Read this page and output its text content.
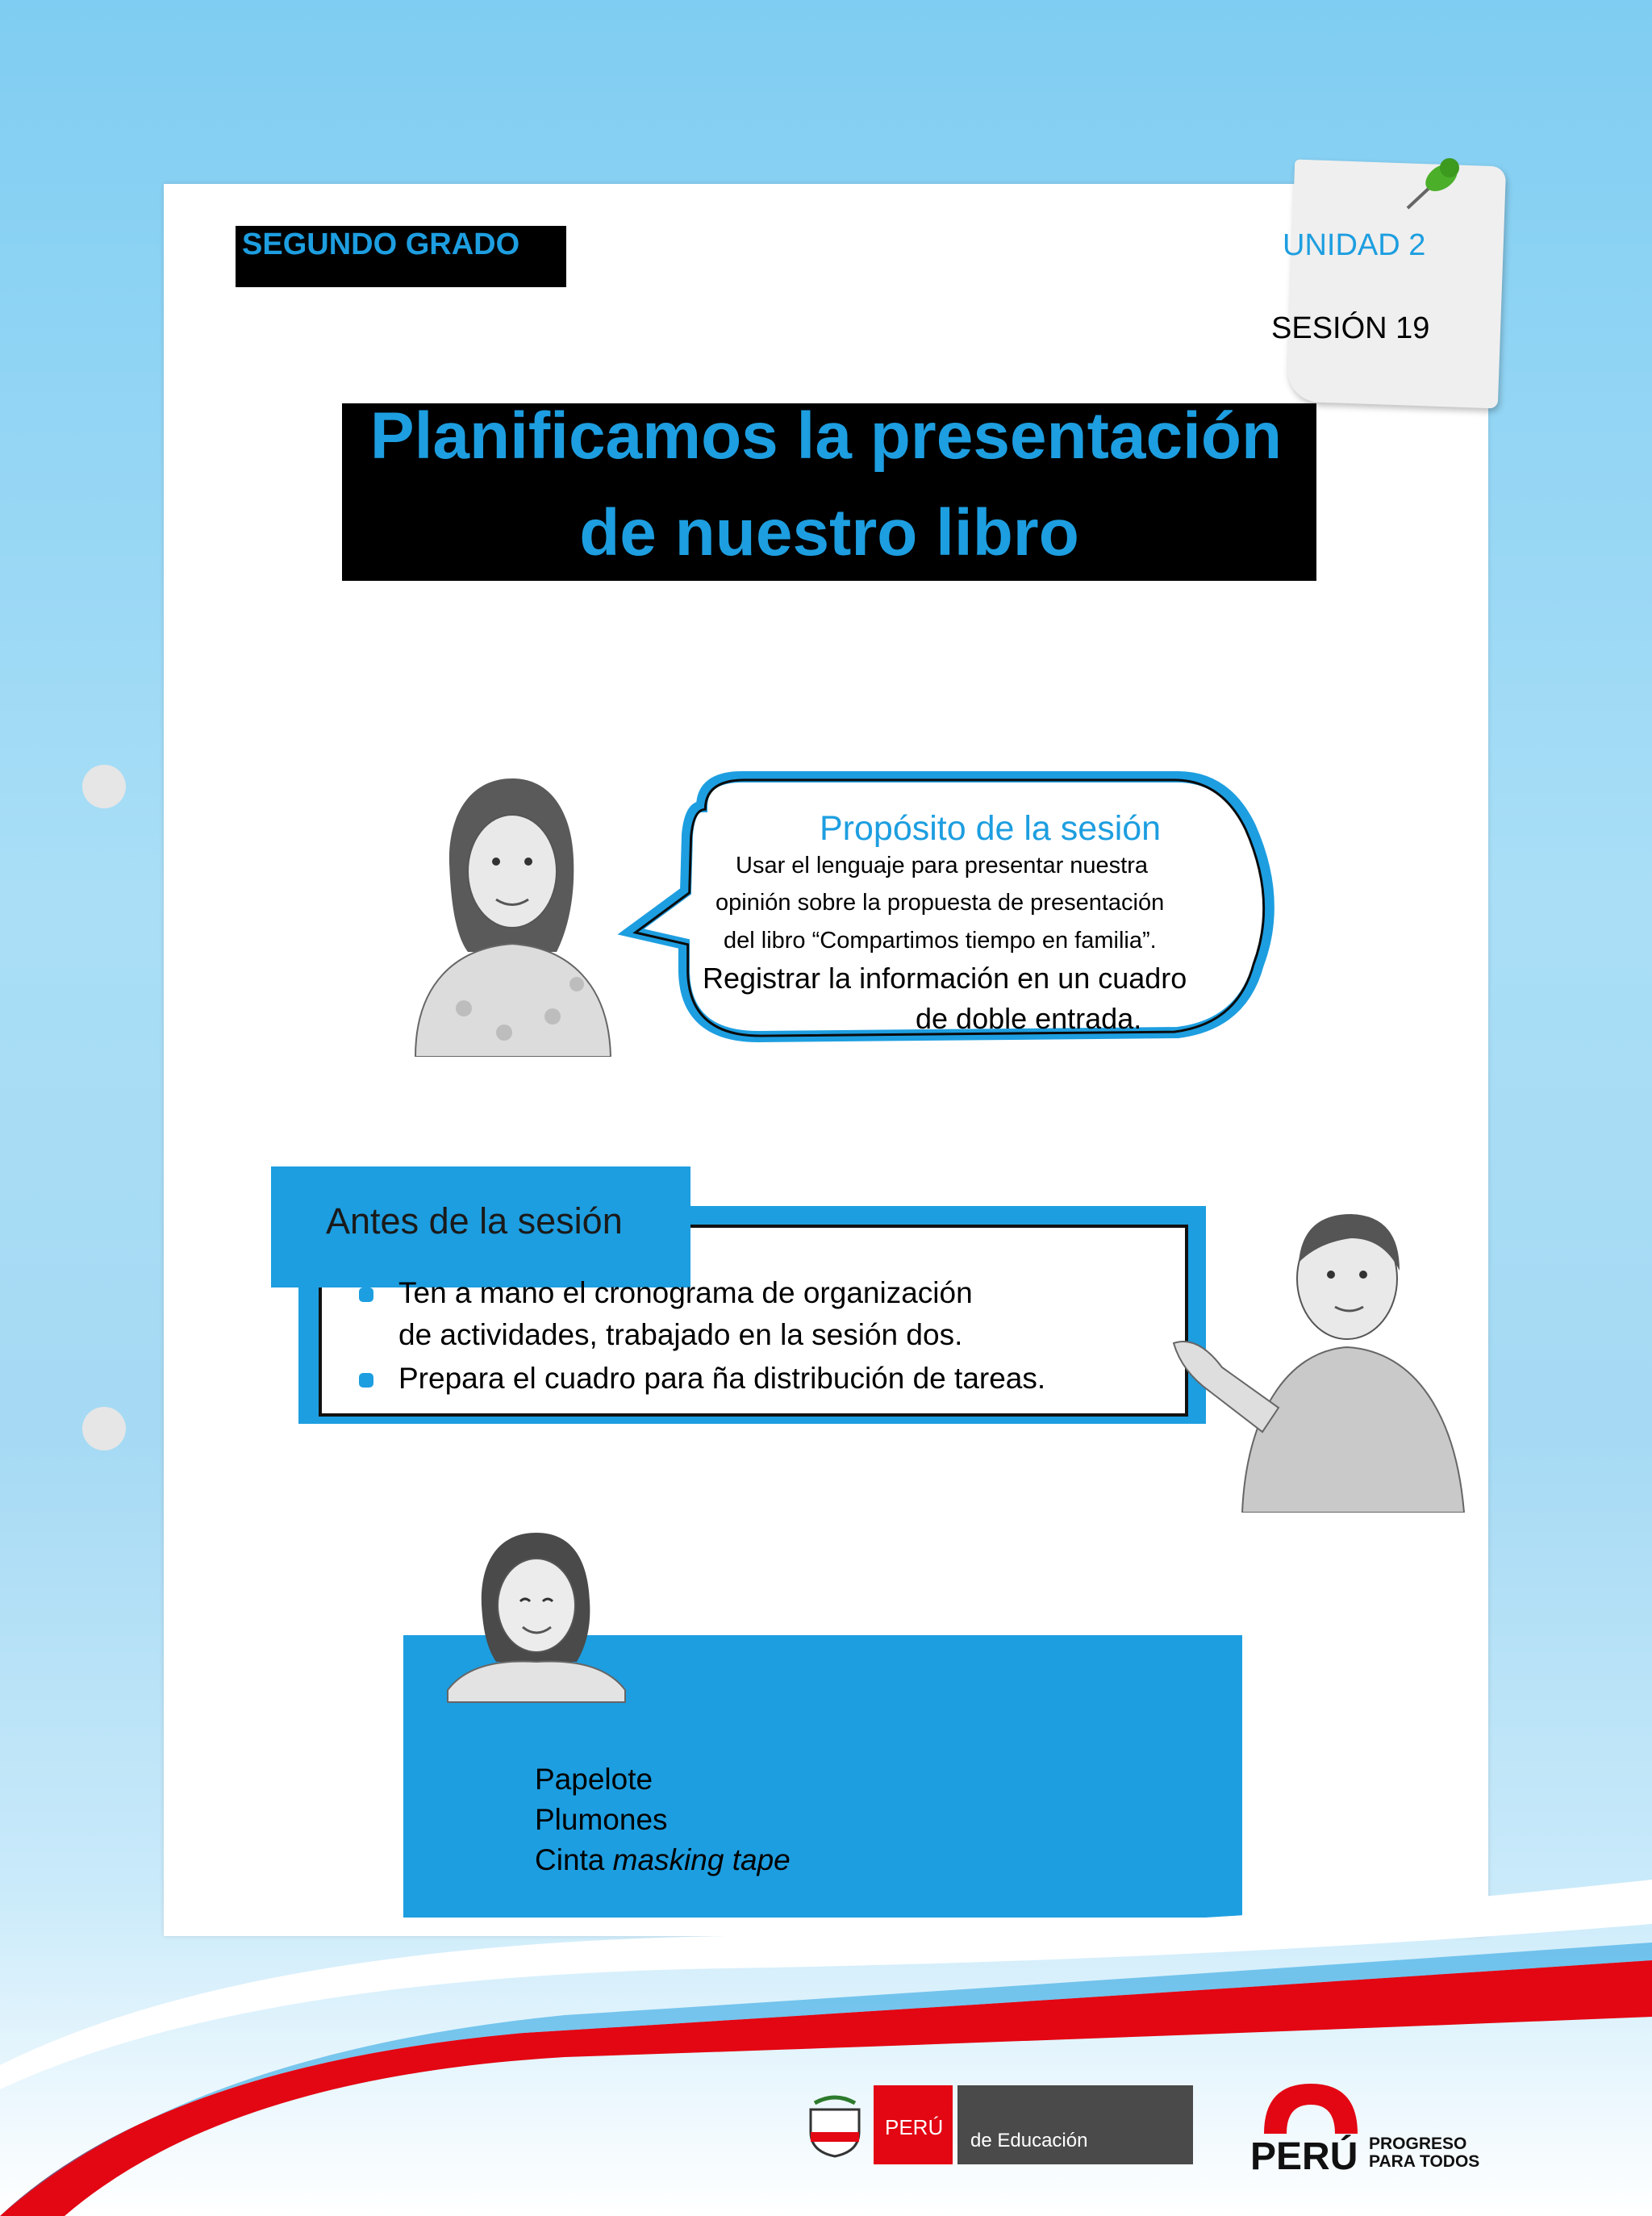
SEGUNDO GRADO	UNIDAD 2
SESIÓN 19
Planificamos la presentación
de nuestro libro
Propósito de la sesión
Usar el lenguaje para presentar nuestra
opinión sobre la propuesta de presentación
del libro “Compartimos tiempo en familia”.
Registrar la información en un cuadro
de doble entrada.
Antes de la sesión
Ten a mano el cronograma de organización
de actividades, trabajado en la sesión dos.
Prepara el cuadro para ña distribución de tareas.
Papelote
Plumones
Cinta masking tape
PERÚ
de Educación	PERÚ PROGRESO
PARA TODOS
